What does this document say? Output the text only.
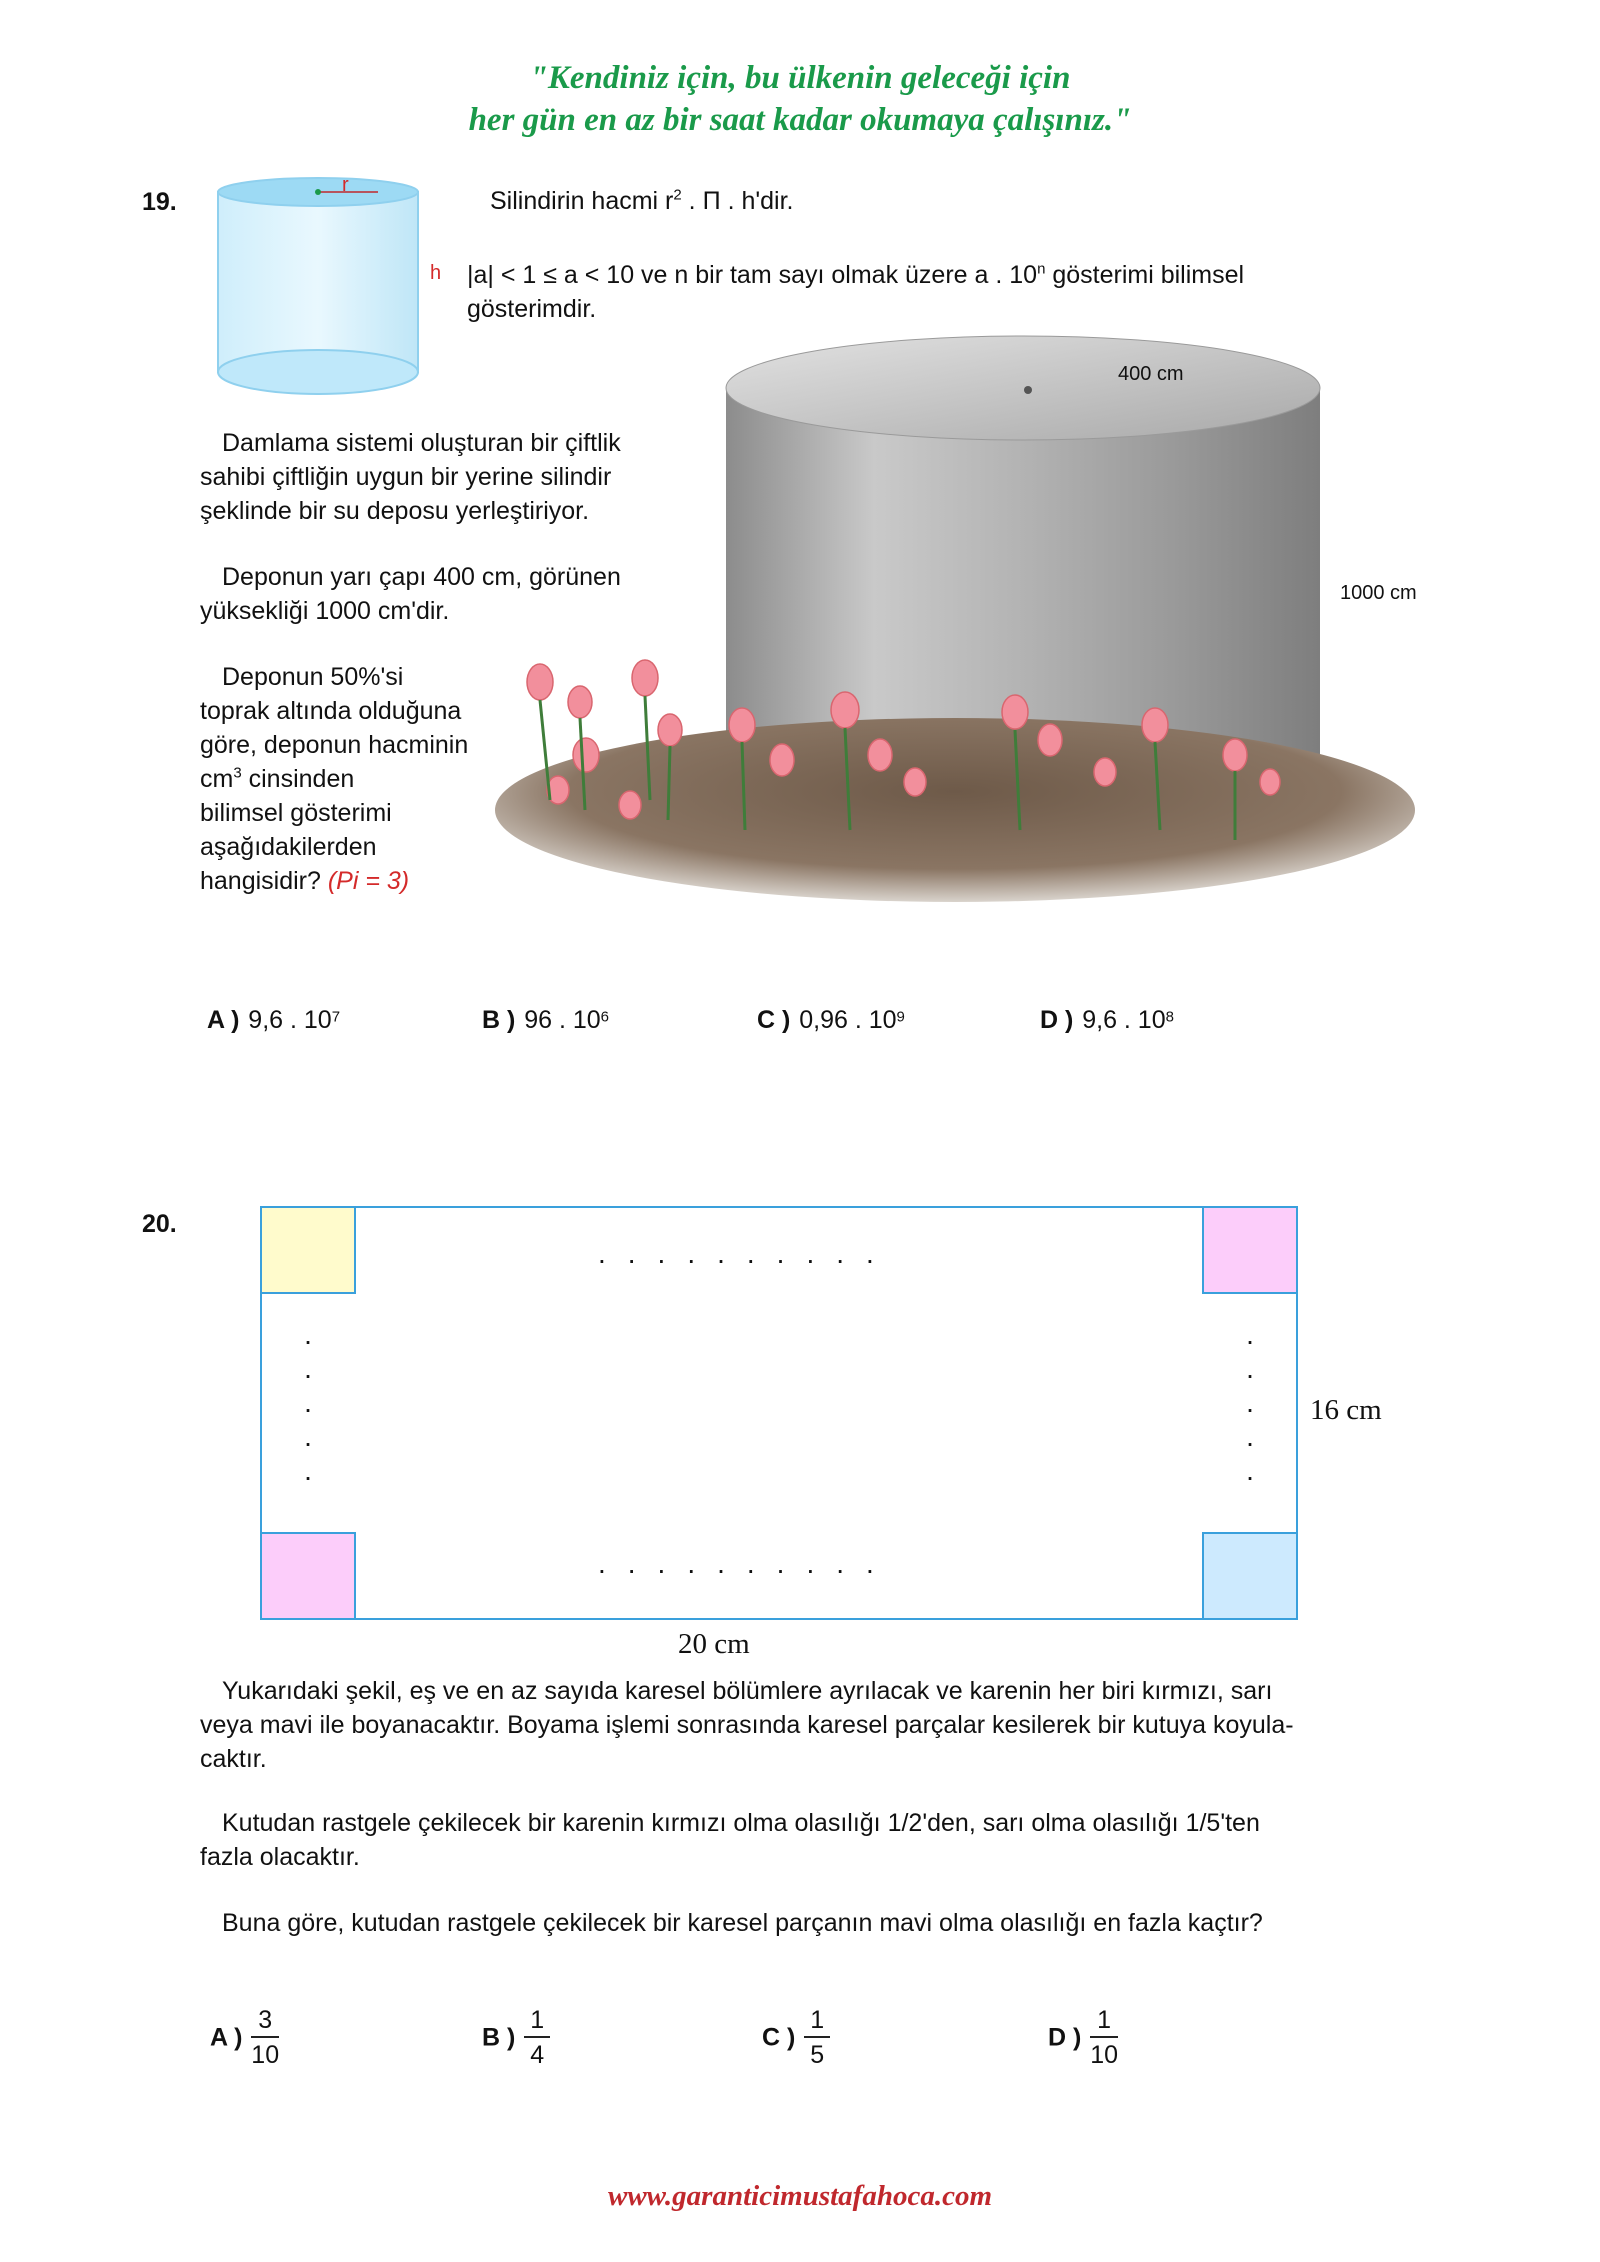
"Kendiniz için, bu ülkenin geleceği için
her gün en az bir saat kadar okumaya çalışınız."
19.
r
h
Silindirin hacmi $r^2$ . Π . h'dir.
|a| < 1 ≤ a < 10 ve n bir tam sayı olmak üzere a . 10$^n$ gösterimi bilimsel
gösterimdir.
400 cm
1000 cm
Damlama sistemi oluşturan bir çiftlik
sahibi çiftliğin uygun bir yerine silindir
şeklinde bir su deposu yerleştiriyor.
Deponun yarı çapı 400 cm, görünen
yüksekliği 1000 cm'dir.
Deponun 50%'si
toprak altında olduğuna
göre, deponun hacminin
$cm^3$ cinsinden
bilimsel gösterimi
aşağıdakilerden
hangisidir? (Pi = 3)
A ) 9,6 . 107	B ) 96 . 106	C ) 0,96 . 109	D ) 9,6 . 108
20.
..........
..........
.
.
.
.
.
.
.
.
.
.
16 cm
20 cm
Yukarıdaki şekil, eş ve en az sayıda karesel bölümlere ayrılacak ve karenin her biri kırmızı, sarı
veya mavi ile boyanacaktır. Boyama işlemi sonrasında karesel parçalar kesilerek bir kutuya koyula-
caktır.
Kutudan rastgele çekilecek bir karenin kırmızı olma olasılığı 1/2'den, sarı olma olasılığı 1/5'ten
fazla olacaktır.
Buna göre, kutudan rastgele çekilecek bir karesel parçanın mavi olma olasılığı en fazla kaçtır?
A ) $\frac{3}{10}$	B ) $\frac{1}{4}$	C ) $\frac{1}{5}$	D ) $\frac{1}{10}$
www.garanticimustafahoca.com
